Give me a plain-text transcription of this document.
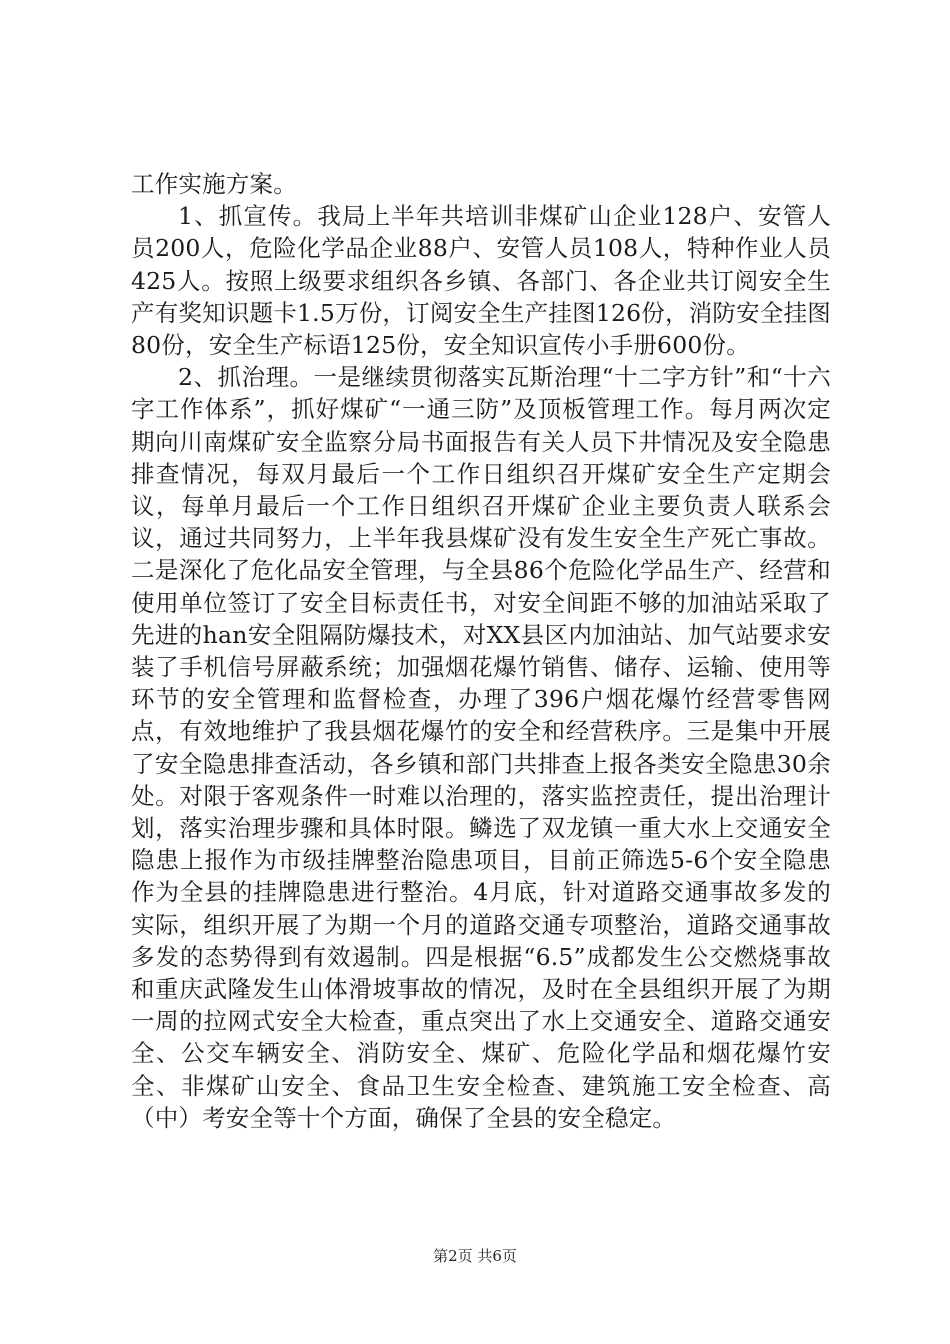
工作实施方案。

1、抓宣传。我局上半年共培训非煤矿山企业128户、安管人员200人，危险化学品企业88户、安管人员108人，特种作业人员425人。按照上级要求组织各乡镇、各部门、各企业共订阅安全生产有奖知识题卡1.5万份，订阅安全生产挂图126份，消防安全挂图80份，安全生产标语125份，安全知识宣传小手册600份。

2、抓治理。一是继续贯彻落实瓦斯治理“十二字方针”和“十六字工作体系”，抓好煤矿“一通三防”及顶板管理工作。每月两次定期向川南煤矿安全监察分局书面报告有关人员下井情况及安全隐患排查情况，每双月最后一个工作日组织召开煤矿安全生产定期会议，每单月最后一个工作日组织召开煤矿企业主要负责人联系会议，通过共同努力，上半年我县煤矿没有发生安全生产死亡事故。二是深化了危化品安全管理，与全县86个危险化学品生产、经营和使用单位签订了安全目标责任书，对安全间距不够的加油站采取了先进的han安全阻隔防爆技术，对XX县区内加油站、加气站要求安装了手机信号屏蔽系统；加强烟花爆竹销售、储存、运输、使用等环节的安全管理和监督检查，办理了396户烟花爆竹经营零售网点，有效地维护了我县烟花爆竹的安全和经营秩序。三是集中开展了安全隐患排查活动，各乡镇和部门共排查上报各类安全隐患30余处。对限于客观条件一时难以治理的，落实监控责任，提出治理计划，落实治理步骤和具体时限。鳞选了双龙镇一重大水上交通安全隐患上报作为市级挂牌整治隐患项目，目前正筛选5-6个安全隐患作为全县的挂牌隐患进行整治。4月底，针对道路交通事故多发的实际，组织开展了为期一个月的道路交通专项整治，道路交通事故多发的态势得到有效遏制。四是根据“6.5”成都发生公交燃烧事故和重庆武隆发生山体滑坡事故的情况，及时在全县组织开展了为期一周的拉网式安全大检查，重点突出了水上交通安全、道路交通安全、公交车辆安全、消防安全、煤矿、危险化学品和烟花爆竹安全、非煤矿山安全、食品卫生安全检查、建筑施工安全检查、高（中）考安全等十个方面，确保了全县的安全稳定。

第2页 共6页
